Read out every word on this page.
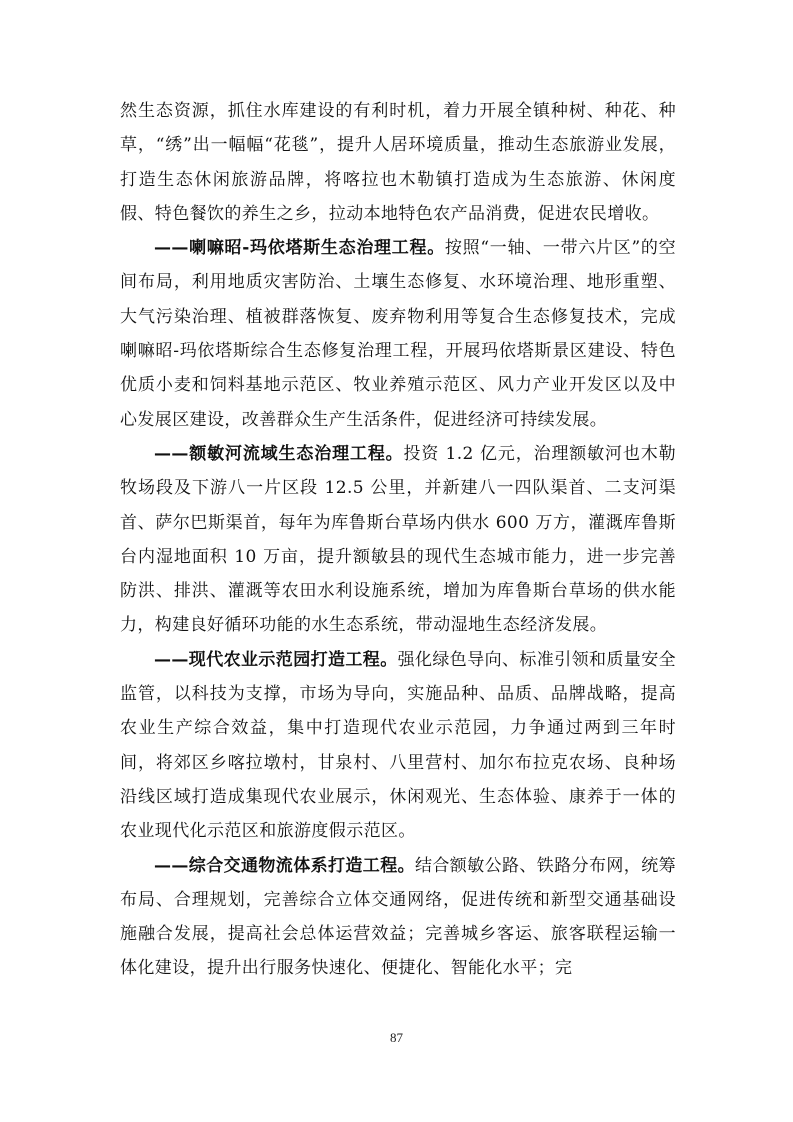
然生态资源，抓住水库建设的有利时机，着力开展全镇种树、种花、种草，“绣”出一幅幅“花毯”，提升人居环境质量，推动生态旅游业发展，打造生态休闲旅游品牌，将喀拉也木勒镇打造成为生态旅游、休闲度假、特色餐饮的养生之乡，拉动本地特色农产品消费，促进农民增收。

——喇嘛昭-玛依塔斯生态治理工程。按照“一轴、一带六片区”的空间布局，利用地质灾害防治、土壤生态修复、水环境治理、地形重塑、大气污染治理、植被群落恢复、废弃物利用等复合生态修复技术，完成喇嘛昭-玛依塔斯综合生态修复治理工程，开展玛依塔斯景区建设、特色优质小麦和饲料基地示范区、牧业养殖示范区、风力产业开发区以及中心发展区建设，改善群众生产生活条件，促进经济可持续发展。

——额敏河流域生态治理工程。投资 1.2 亿元，治理额敏河也木勒牧场段及下游八一片区段 12.5 公里，并新建八一四队渠首、二支河渠首、萨尔巴斯渠首，每年为库鲁斯台草场内供水 600 万方，灌溉库鲁斯台内湿地面积 10 万亩，提升额敏县的现代生态城市能力，进一步完善防洪、排洪、灌溉等农田水利设施系统，增加为库鲁斯台草场的供水能力，构建良好循环功能的水生态系统，带动湿地生态经济发展。

——现代农业示范园打造工程。强化绿色导向、标准引领和质量安全监管，以科技为支撑，市场为导向，实施品种、品质、品牌战略，提高农业生产综合效益，集中打造现代农业示范园，力争通过两到三年时间，将郊区乡喀拉墩村，甘泉村、八里营村、加尔布拉克农场、良种场沿线区域打造成集现代农业展示，休闲观光、生态体验、康养于一体的农业现代化示范区和旅游度假示范区。

——综合交通物流体系打造工程。结合额敏公路、铁路分布网，统筹布局、合理规划，完善综合立体交通网络，促进传统和新型交通基础设施融合发展，提高社会总体运营效益；完善城乡客运、旅客联程运输一体化建设，提升出行服务快速化、便捷化、智能化水平；完

87
